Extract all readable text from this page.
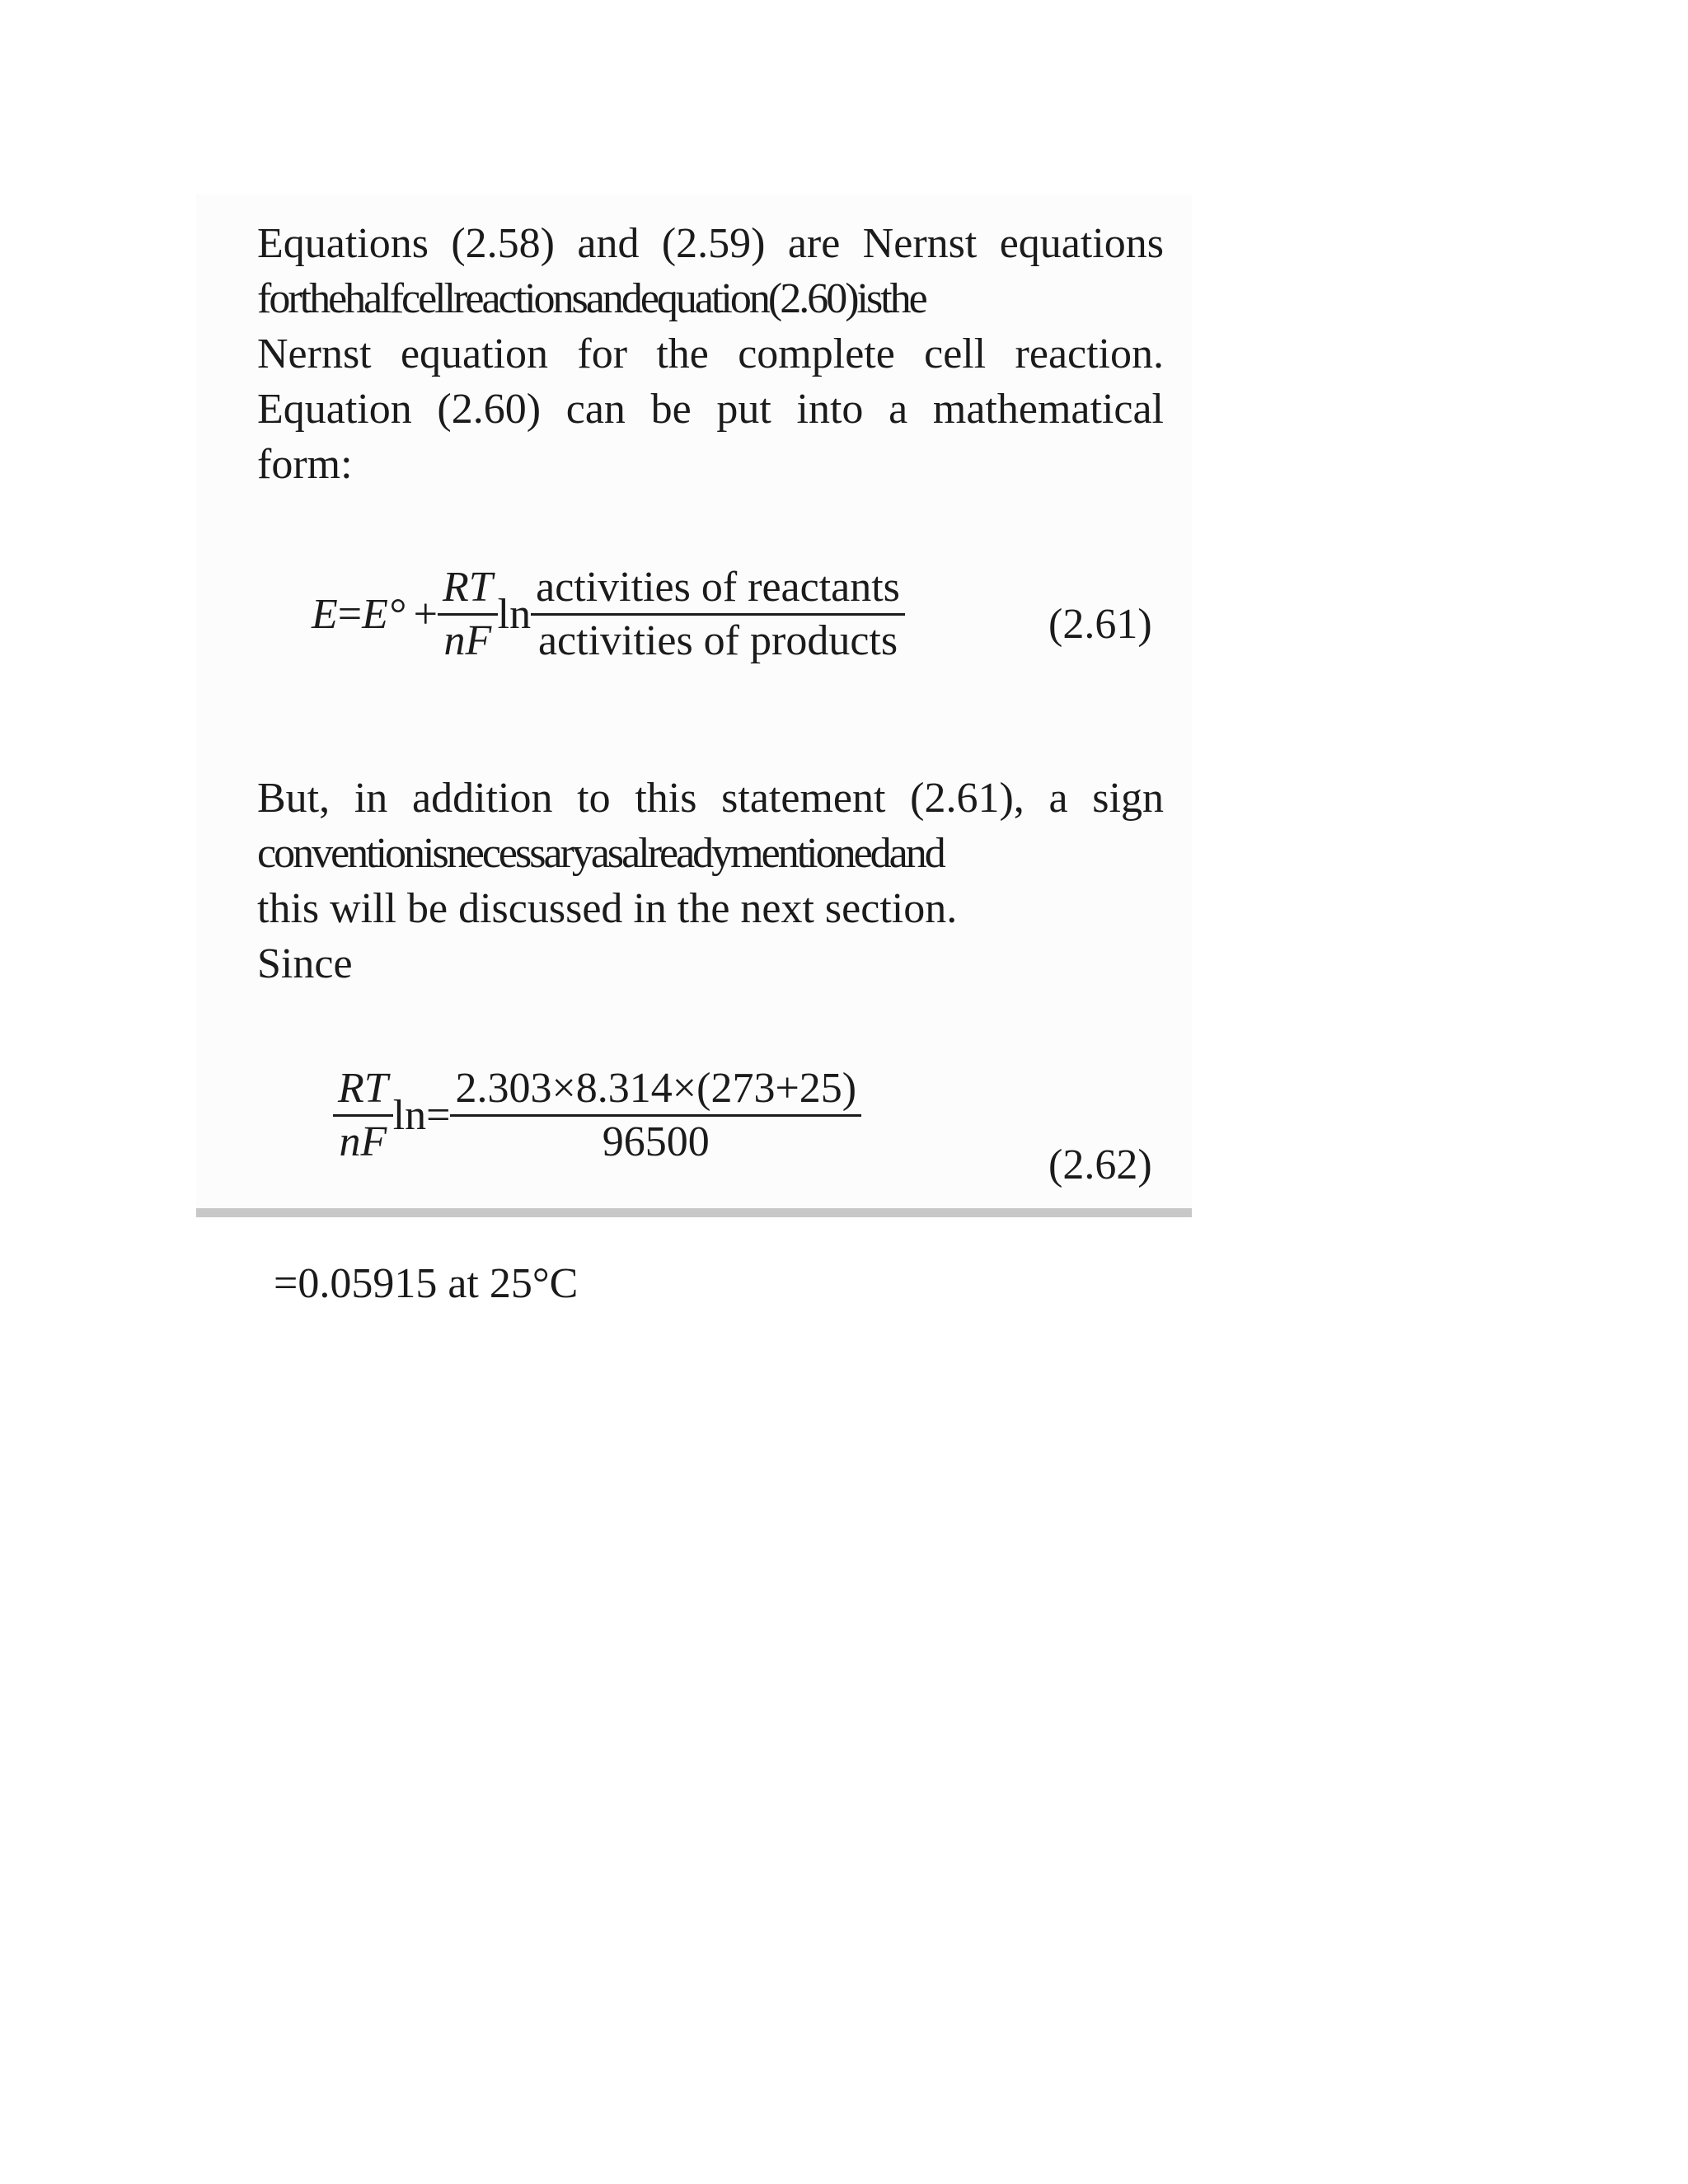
Equations (2.58) and (2.59) are Nernst equations
forthehalfcellreactionsandequation(2.60)isthe
Nernst equation for the complete cell reaction.
Equation (2.60) can be put into a mathematical
form:
$E = E^\circ + \frac{RT}{nF}$ $\ln \frac{\text{activities of reactants}}{\text{activities of products}}$	(2.61)
But, in addition to this statement (2.61), a sign
conventionisnecessaryasalreadymentionedand
this will be discussed in the next section.
Since
$\frac{RT}{nF} \ln= \frac{2.303\times 8.314\times(273+25)}{96500}$	(2.62)
=0.05915 at 25°C
